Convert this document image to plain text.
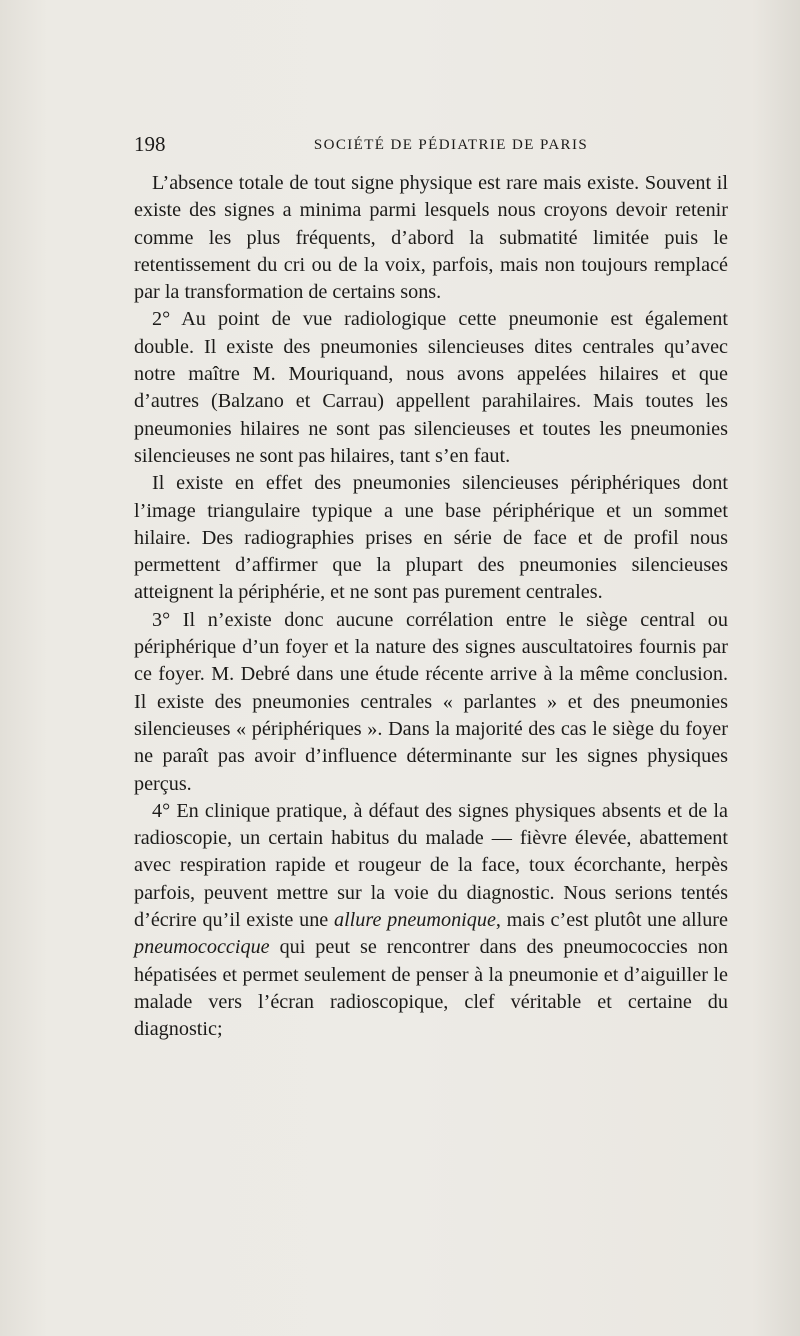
198	SOCIÉTÉ DE PÉDIATRIE DE PARIS

L’absence totale de tout signe physique est rare mais existe. Souvent il existe des signes a minima parmi lesquels nous croyons devoir retenir comme les plus fréquents, d’abord la submatité limitée puis le retentissement du cri ou de la voix, parfois, mais non toujours remplacé par la transformation de certains sons.

2° Au point de vue radiologique cette pneumonie est également double. Il existe des pneumonies silencieuses dites centrales qu’avec notre maître M. Mouriquand, nous avons appelées hilaires et que d’autres (Balzano et Carrau) appellent parahilaires. Mais toutes les pneumonies hilaires ne sont pas silencieuses et toutes les pneumonies silencieuses ne sont pas hilaires, tant s’en faut.

Il existe en effet des pneumonies silencieuses périphériques dont l’image triangulaire typique a une base périphérique et un sommet hilaire. Des radiographies prises en série de face et de profil nous permettent d’affirmer que la plupart des pneumonies silencieuses atteignent la périphérie, et ne sont pas purement centrales.

3° Il n’existe donc aucune corrélation entre le siège central ou périphérique d’un foyer et la nature des signes auscultatoires fournis par ce foyer. M. Debré dans une étude récente arrive à la même conclusion. Il existe des pneumonies centrales « parlantes » et des pneumonies silencieuses « périphériques ». Dans la majorité des cas le siège du foyer ne paraît pas avoir d’influence déterminante sur les signes physiques perçus.

4° En clinique pratique, à défaut des signes physiques absents et de la radioscopie, un certain habitus du malade — fièvre élevée, abattement avec respiration rapide et rougeur de la face, toux écorchante, herpès parfois, peuvent mettre sur la voie du diagnostic. Nous serions tentés d’écrire qu’il existe une allure pneumonique, mais c’est plutôt une allure pneumococcique qui peut se rencontrer dans des pneumococcies non hépatisées et permet seulement de penser à la pneumonie et d’aiguiller le malade vers l’écran radioscopique, clef véritable et certaine du diagnostic;
